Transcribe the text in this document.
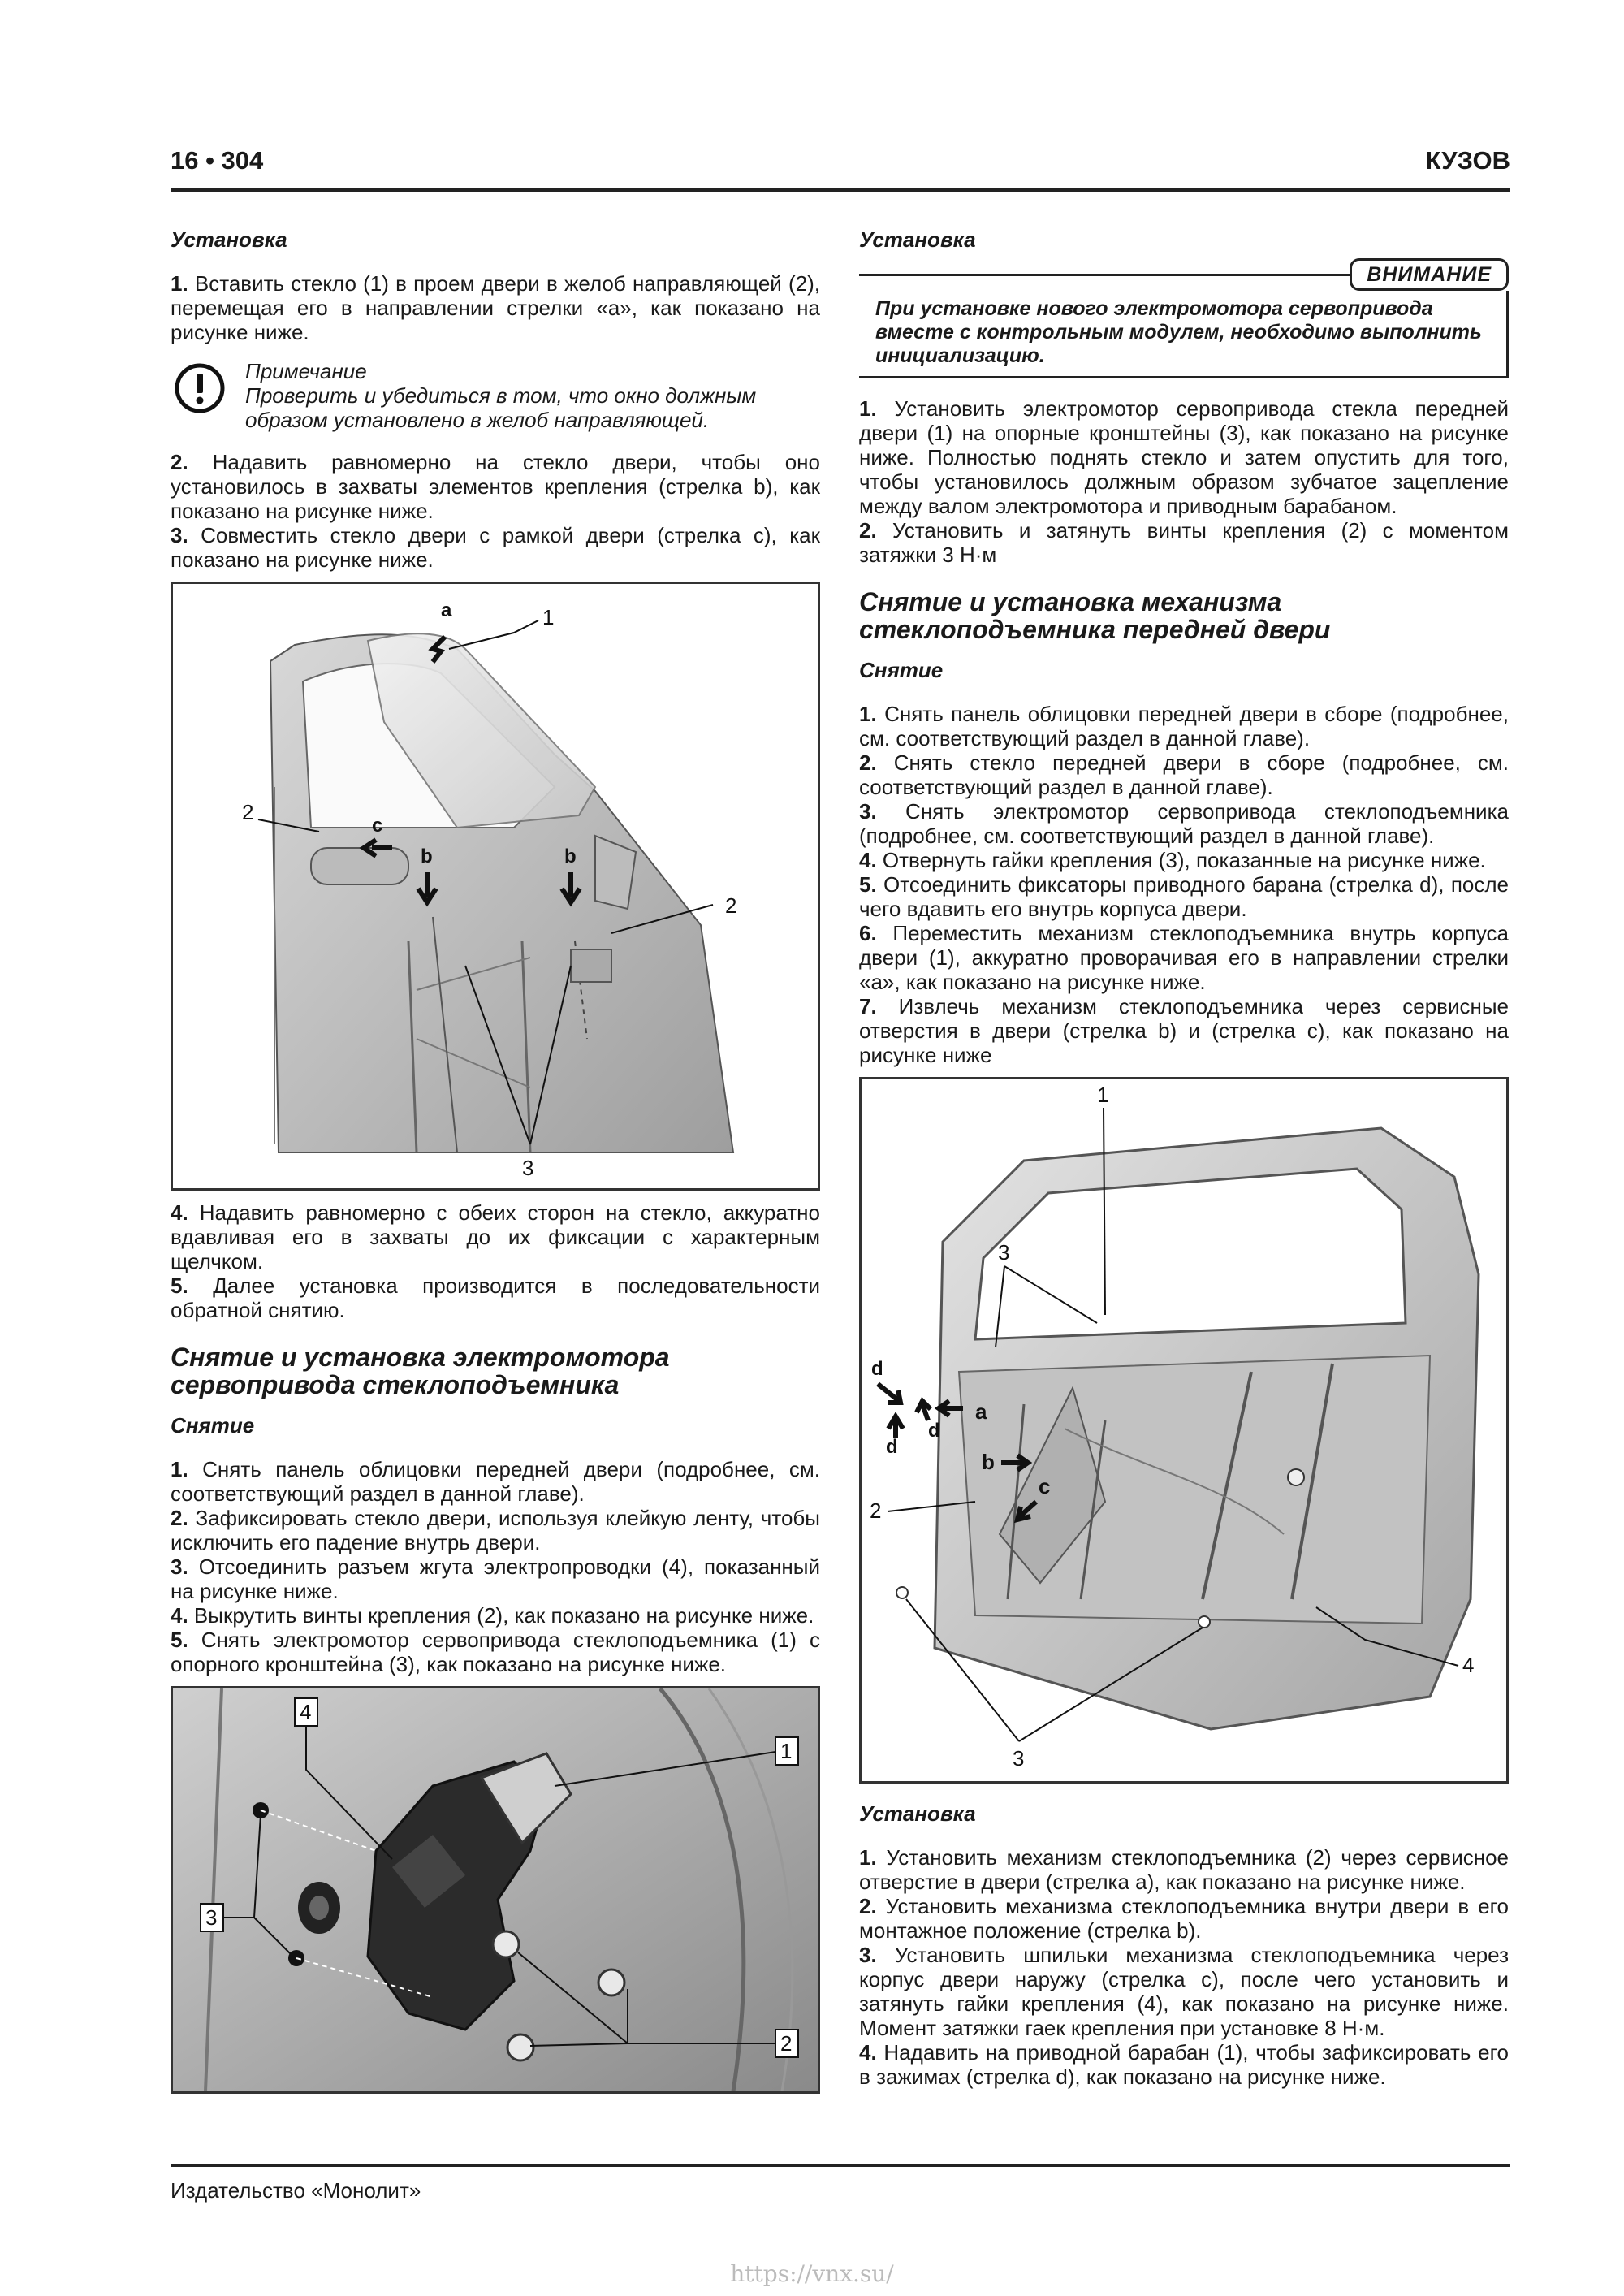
16 • 304	КУЗОВ
Установка

1. Вставить стекло (1) в проем двери в желоб направляющей (2), перемещая его в направлении стрелки «а», как показано на рисунке ниже.

Примечание
Проверить и убедиться в том, что окно должным образом установлено в желоб направляющей.

2. Надавить равномерно на стекло двери, чтобы оно установилось в захваты элементов крепления (стрелка b), как показано на рисунке ниже.

3. Совместить стекло двери с рамкой двери (стрелка c), как показано на рисунке ниже.

1
a
2
c
b	b
2
3

4. Надавить равномерно с обеих сторон на стекло, аккуратно вдавливая его в захваты до их фиксации с характерным щелчком.

5. Далее установка производится в последовательности обратной снятию.

Снятие и установка электромотора сервопривода стеклоподъемника
Снятие

1. Снять панель облицовки передней двери (подробнее, см. соответствующий раздел в данной главе).

2. Зафиксировать стекло двери, используя клейкую ленту, чтобы исключить его падение внутрь двери.

3. Отсоединить разъем жгута электропроводки (4), показанный на рисунке ниже.

4. Выкрутить винты крепления (2), как показано на рисунке ниже.

5. Снять электромотор сервопривода стеклоподъемника (1) с опорного кронштейна (3), как показано на рисунке ниже.

4
1
3
2
Установка
ВНИМАНИЕ
При установке нового электромотора сервопривода вместе с контрольным модулем, необходимо выполнить инициализацию.

1. Установить электромотор сервопривода стекла передней двери (1) на опорные кронштейны (3), как показано на рисунке ниже. Полностью поднять стекло и затем опустить для того, чтобы установилось должным образом зубчатое зацепление между валом электромотора и приводным барабаном.

2. Установить и затянуть винты крепления (2) с моментом затяжки 3 Н·м

Снятие и установка механизма стеклоподъемника передней двери
Снятие

1. Снять панель облицовки передней двери в сборе (подробнее, см. соответствующий раздел в данной главе).

2. Снять стекло передней двери в сборе (подробнее, см. соответствующий раздел в данной главе).

3. Снять электромотор сервопривода стеклоподъемника (подробнее, см. соответствующий раздел в данной главе).

4. Отвернуть гайки крепления (3), показанные на рисунке ниже.

5. Отсоединить фиксаторы приводного барана (стрелка d), после чего вдавить его внутрь корпуса двери.

6. Переместить механизм стеклоподъемника внутрь корпуса двери (1), аккуратно проворачивая его в направлении стрелки «а», как показано на рисунке ниже.

7. Извлечь механизм стеклоподъемника через сервисные отверстия в двери (стрелка b) и (стрелка c), как показано на рисунке ниже

1
3
d
d
d
a
b
c
2
4
3
Установка

1. Установить механизм стеклоподъемника (2) через сервисное отверстие в двери (стрелка а), как показано на рисунке ниже.

2. Установить механизма стеклоподъемника внутри двери в его монтажное положение (стрелка b).

3. Установить шпильки механизма стеклоподъемника через корпус двери наружу (стрелка c), после чего установить и затянуть гайки крепления (4), как показано на рисунке ниже. Момент затяжки гаек крепления при установке 8 Н·м.

4. Надавить на приводной барабан (1), чтобы зафиксировать его в зажимах (стрелка d), как показано на рисунке ниже.

Издательство «Монолит»
https://vnx.su/
